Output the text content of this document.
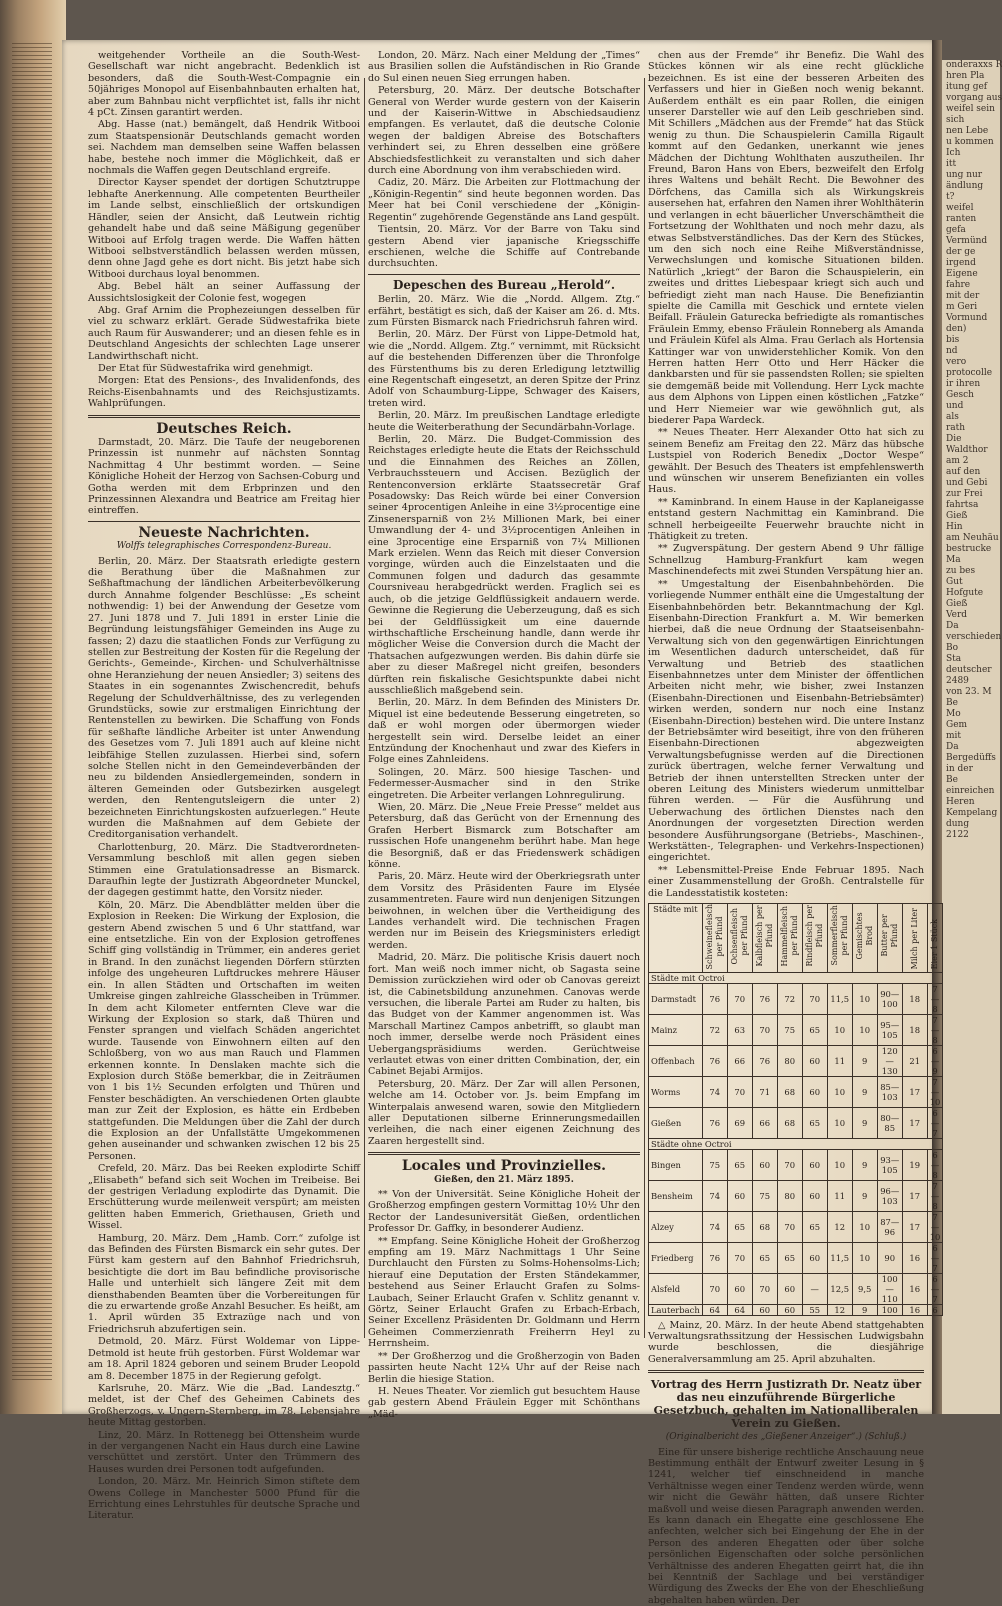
onderaxxs R
hren Pla
itung gef
vorgang aus
weifel sein
sich
nen Lebe
u kommen
Ich
itt
ung nur
ändlung
t?
weifel
ranten
gefa
Vermünd
der ge
irgend
Eigene
fahre
mit der
m Geri
Vormund
den)
bis
nd
vero
protocolle
ir ihren
Gesch
und
als
rath
Die
Waldthor
am 2
auf den
und Gebi
zur Frei
fahrtsa
Gieß
Hin
am Neuhäu
bestrucke
Ma
zu bes
Gut
Hofgute
Gieß
Verd
Da
verschieden
Bo
Sta
deutscher
2489
von 23. M
Be
Mo
Gem
mit
Da
Bergedüffs
in der
Be
einreichen
Heren
Kempelang
dung
2122

weitgehender Vortheile an die South-West-Gesellschaft war nicht angebracht. Bedenklich ist besonders, daß die South-West-Compagnie ein 50jähriges Monopol auf Eisenbahnbauten erhalten hat, aber zum Bahnbau nicht verpflichtet ist, falls ihr nicht 4 pCt. Zinsen garantirt werden.

Abg. Hasse (nat.) bemängelt, daß Hendrik Witbooi zum Staatspensionär Deutschlands gemacht worden sei. Nachdem man demselben seine Waffen belassen habe, bestehe noch immer die Möglichkeit, daß er nochmals die Waffen gegen Deutschland ergreife.

Director Kayser spendet der dortigen Schutztruppe lebhafte Anerkennung. Alle competenten Beurtheiler im Lande selbst, einschließlich der ortskundigen Händler, seien der Ansicht, daß Leutwein richtig gehandelt habe und daß seine Mäßigung gegenüber Witbooi auf Erfolg tragen werde. Die Waffen hätten Witbooi selbstverständlich belassen werden müssen, denn ohne Jagd gehe es dort nicht. Bis jetzt habe sich Witbooi durchaus loyal benommen.

Abg. Bebel hält an seiner Auffassung der Aussichtslosigkeit der Colonie fest, wogegen

Abg. Graf Arnim die Prophezeiungen desselben für viel zu schwarz erklärt. Gerade Südwestafrika biete auch Raum für Auswanderer; und an diesen fehle es in Deutschland Angesichts der schlechten Lage unserer Landwirthschaft nicht.

Der Etat für Südwestafrika wird genehmigt.

Morgen: Etat des Pensions-, des Invalidenfonds, des Reichs-Eisenbahnamts und des Reichsjustizamts. Wahlprüfungen.

Deutsches Reich.

Darmstadt, 20. März. Die Taufe der neugeborenen Prinzessin ist nunmehr auf nächsten Sonntag Nachmittag 4 Uhr bestimmt worden. — Seine Königliche Hoheit der Herzog von Sachsen-Coburg und Gotha werden mit dem Erbprinzen und den Prinzessinnen Alexandra und Beatrice am Freitag hier eintreffen.

Neueste Nachrichten.
Wolffs telegraphisches Correspondenz-Bureau.

Berlin, 20. März. Der Staatsrath erledigte gestern die Berathung über die Maßnahmen zur Seßhaftmachung der ländlichen Arbeiterbevölkerung durch Annahme folgender Beschlüsse: „Es scheint nothwendig: 1) bei der Anwendung der Gesetze vom 27. Juni 1878 und 7. Juli 1891 in erster Linie die Begründung leistungsfähiger Gemeinden ins Auge zu fassen; 2) dazu die staatlichen Fonds zur Verfügung zu stellen zur Bestreitung der Kosten für die Regelung der Gerichts-, Gemeinde-, Kirchen- und Schulverhältnisse ohne Heranziehung der neuen Ansiedler; 3) seitens des Staates in ein sogenanntes Zwischencredit, behufs Regelung der Schuldverhältnisse, des zu verlegenden Grundstücks, sowie zur erstmaligen Einrichtung der Rentenstellen zu bewirken. Die Schaffung von Fonds für seßhafte ländliche Arbeiter ist unter Anwendung des Gesetzes vom 7. Juli 1891 auch auf kleine nicht leibfähige Stellen zuzulassen. Hierbei sind, sofern solche Stellen nicht in den Gemeindeverbänden der neu zu bildenden Ansiedlergemeinden, sondern in älteren Gemeinden oder Gutsbezirken ausgelegt werden, den Rentengutsleigern die unter 2) bezeichneten Einrichtungskosten aufzuerlegen.“ Heute wurden die Maßnahmen auf dem Gebiete der Creditorganisation verhandelt.

Charlottenburg, 20. März. Die Stadtverordneten-Versammlung beschloß mit allen gegen sieben Stimmen eine Gratulationsadresse an Bismarck. Daraufhin legte der Justizrath Abgeordneter Munckel, der dagegen gestimmt hatte, den Vorsitz nieder.

Köln, 20. März. Die Abendblätter melden über die Explosion in Reeken: Die Wirkung der Explosion, die gestern Abend zwischen 5 und 6 Uhr stattfand, war eine entsetzliche. Ein von der Explosion getroffenes Schiff ging vollständig in Trümmer, ein anderes geriet in Brand. In den zunächst liegenden Dörfern stürzten infolge des ungeheuren Luftdruckes mehrere Häuser ein. In allen Städten und Ortschaften im weiten Umkreise gingen zahlreiche Glasscheiben in Trümmer. In dem acht Kilometer entfernten Cleve war die Wirkung der Explosion so stark, daß Thüren und Fenster sprangen und vielfach Schäden angerichtet wurde. Tausende von Einwohnern eilten auf den Schloßberg, von wo aus man Rauch und Flammen erkennen konnte. In Denslaken machte sich die Explosion durch Stöße bemerkbar, die in Zeiträumen von 1 bis 1½ Secunden erfolgten und Thüren und Fenster beschädigten. An verschiedenen Orten glaubte man zur Zeit der Explosion, es hätte ein Erdbeben stattgefunden. Die Meldungen über die Zahl der durch die Explosion an der Unfallstätte Umgekommenen gehen auseinander und schwanken zwischen 12 bis 25 Personen.

Crefeld, 20. März. Das bei Reeken explodirte Schiff „Elisabeth“ befand sich seit Wochen im Treibeise. Bei der gestrigen Verladung explodirte das Dynamit. Die Erschütterung wurde meilenweit verspürt; am meisten gelitten haben Emmerich, Griethausen, Grieth und Wissel.

Hamburg, 20. März. Dem „Hamb. Corr.“ zufolge ist das Befinden des Fürsten Bismarck ein sehr gutes. Der Fürst kam gestern auf den Bahnhof Friedrichsruh, besichtigte die dort im Bau befindliche provisorische Halle und unterhielt sich längere Zeit mit dem diensthabenden Beamten über die Vorbereitungen für die zu erwartende große Anzahl Besucher. Es heißt, am 1. April würden 35 Extrazüge nach und von Friedrichsruh abzufertigen sein.

Detmold, 20. März. Fürst Woldemar von Lippe-Detmold ist heute früh gestorben. Fürst Woldemar war am 18. April 1824 geboren und seinem Bruder Leopold am 8. December 1875 in der Regierung gefolgt.

Karlsruhe, 20. März. Wie die „Bad. Landesztg.“ meldet, ist der Chef des Geheimen Cabinets des Großherzogs, v. Ungern-Sternberg, im 78. Lebensjahre heute Mittag gestorben.

Linz, 20. März. In Rottenegg bei Ottensheim wurde in der vergangenen Nacht ein Haus durch eine Lawine verschüttet und zerstört. Unter den Trümmern des Hauses wurden drei Personen todt aufgefunden.

London, 20. März. Mr. Heinrich Simon stiftete dem Owens College in Manchester 5000 Pfund für die Errichtung eines Lehrstuhles für deutsche Sprache und Literatur.

London, 20. März. Nach einer Meldung der „Times“ aus Brasilien sollen die Aufständischen in Rio Grande do Sul einen neuen Sieg errungen haben.

Petersburg, 20. März. Der deutsche Botschafter General von Werder wurde gestern von der Kaiserin und der Kaiserin-Wittwe in Abschiedsaudienz empfangen. Es verlautet, daß die deutsche Colonie wegen der baldigen Abreise des Botschafters verhindert sei, zu Ehren desselben eine größere Abschiedsfestlichkeit zu veranstalten und sich daher durch eine Abordnung von ihm verabschieden wird.

Cadiz, 20. März. Die Arbeiten zur Flottmachung der „Königin-Regentin“ sind heute begonnen worden. Das Meer hat bei Conil verschiedene der „Königin-Regentin“ zugehörende Gegenstände ans Land gespült.

Tientsin, 20. März. Vor der Barre von Taku sind gestern Abend vier japanische Kriegsschiffe erschienen, welche die Schiffe auf Contrebande durchsuchten.

Depeschen des Bureau „Herold“.

Berlin, 20. März. Wie die „Nordd. Allgem. Ztg.“ erfährt, bestätigt es sich, daß der Kaiser am 26. d. Mts. zum Fürsten Bismarck nach Friedrichsruh fahren wird.

Berlin, 20. März. Der Fürst von Lippe-Detmold hat, wie die „Nordd. Allgem. Ztg.“ vernimmt, mit Rücksicht auf die bestehenden Differenzen über die Thronfolge des Fürstenthums bis zu deren Erledigung letztwillig eine Regentschaft eingesetzt, an deren Spitze der Prinz Adolf von Schaumburg-Lippe, Schwager des Kaisers, treten wird.

Berlin, 20. März. Im preußischen Landtage erledigte heute die Weiterberathung der Secundärbahn-Vorlage.

Berlin, 20. März. Die Budget-Commission des Reichstages erledigte heute die Etats der Reichsschuld und die Einnahmen des Reiches an Zöllen, Verbrauchssteuern und Accisen. Bezüglich der Rentenconversion erklärte Staatssecretär Graf Posadowsky: Das Reich würde bei einer Conversion seiner 4procentigen Anleihe in eine 3½procentige eine Zinsenersparniß von 2½ Millionen Mark, bei einer Umwandlung der 4- und 3½procentigen Anleihen in eine 3procentige eine Ersparniß von 7¼ Millionen Mark erzielen. Wenn das Reich mit dieser Conversion vorginge, würden auch die Einzelstaaten und die Communen folgen und dadurch das gesammte Coursniveau herabgedrückt werden. Fraglich sei es auch, ob die jetzige Geldflüssigkeit andauern werde. Gewinne die Regierung die Ueberzeugung, daß es sich bei der Geldflüssigkeit um eine dauernde wirthschaftliche Erscheinung handle, dann werde ihr möglicher Weise die Conversion durch die Macht der Thatsachen aufgezwungen werden. Bis dahin dürfe sie aber zu dieser Maßregel nicht greifen, besonders dürften rein fiskalische Gesichtspunkte dabei nicht ausschließlich maßgebend sein.

Berlin, 20. März. In dem Befinden des Ministers Dr. Miquel ist eine bedeutende Besserung eingetreten, so daß er wohl morgen oder übermorgen wieder hergestellt sein wird. Derselbe leidet an einer Entzündung der Knochenhaut und zwar des Kiefers in Folge eines Zahnleidens.

Solingen, 20. März. 500 hiesige Taschen- und Federmesser-Ausmacher sind in den Strike eingetreten. Die Arbeiter verlangen Lohnregulirung.

Wien, 20. März. Die „Neue Freie Presse“ meldet aus Petersburg, daß das Gerücht von der Ernennung des Grafen Herbert Bismarck zum Botschafter am russischen Hofe unangenehm berührt habe. Man hege die Besorgniß, daß er das Friedenswerk schädigen könne.

Paris, 20. März. Heute wird der Oberkriegsrath unter dem Vorsitz des Präsidenten Faure im Elysée zusammentreten. Faure wird nun denjenigen Sitzungen beiwohnen, in welchen über die Vertheidigung des Landes verhandelt wird. Die technischen Fragen werden nur im Beisein des Kriegsministers erledigt werden.

Madrid, 20. März. Die politische Krisis dauert noch fort. Man weiß noch immer nicht, ob Sagasta seine Demission zurückziehen wird oder ob Canovas gereizt ist, die Cabinetsbildung anzunehmen. Canovas werde versuchen, die liberale Partei am Ruder zu halten, bis das Budget von der Kammer angenommen ist. Was Marschall Martinez Campos anbetrifft, so glaubt man noch immer, derselbe werde noch Präsident eines Uebergangspräsidiums werden. Gerüchtweise verlautet etwas von einer dritten Combination, der, ein Cabinet Bejabi Armijos.

Petersburg, 20. März. Der Zar will allen Personen, welche am 14. October vor. Js. beim Empfang im Winterpalais anwesend waren, sowie den Mitgliedern aller Deputationen silberne Erinnerungsmedaillen verleihen, die nach einer eigenen Zeichnung des Zaaren hergestellt sind.

Locales und Provinzielles.
Gießen, den 21. März 1895.

** Von der Universität. Seine Königliche Hoheit der Großherzog empfingen gestern Vormittag 10½ Uhr den Rector der Landesuniversität Gießen, ordentlichen Professor Dr. Gaffky, in besonderer Audienz.

** Empfang. Seine Königliche Hoheit der Großherzog empfing am 19. März Nachmittags 1 Uhr Seine Durchlaucht den Fürsten zu Solms-Hohensolms-Lich; hierauf eine Deputation der Ersten Ständekammer, bestehend aus Seiner Erlaucht Grafen zu Solms-Laubach, Seiner Erlaucht Grafen v. Schlitz genannt v. Görtz, Seiner Erlaucht Grafen zu Erbach-Erbach, Seiner Excellenz Präsidenten Dr. Goldmann und Herrn Geheimen Commerzienrath Freiherrn Heyl zu Herrnsheim.

** Der Großherzog und die Großherzogin von Baden passirten heute Nacht 12¼ Uhr auf der Reise nach Berlin die hiesige Station.

H. Neues Theater. Vor ziemlich gut besuchtem Hause gab gestern Abend Fräulein Egger mit Schönthans „Mäd-

chen aus der Fremde“ ihr Benefiz. Die Wahl des Stückes können wir als eine recht glückliche bezeichnen. Es ist eine der besseren Arbeiten des Verfassers und hier in Gießen noch wenig bekannt. Außerdem enthält es ein paar Rollen, die einigen unserer Darsteller wie auf den Leib geschrieben sind. Mit Schillers „Mädchen aus der Fremde“ hat das Stück wenig zu thun. Die Schauspielerin Camilla Rigault kommt auf den Gedanken, unerkannt wie jenes Mädchen der Dichtung Wohlthaten auszutheilen. Ihr Freund, Baron Hans von Ebers, bezweifelt den Erfolg ihres Waltens und behält Recht. Die Bewohner des Dörfchens, das Camilla sich als Wirkungskreis ausersehen hat, erfahren den Namen ihrer Wohlthäterin und verlangen in echt bäuerlicher Unverschämtheit die Fortsetzung der Wohlthaten und noch mehr dazu, als etwas Selbstverständliches. Das der Kern des Stückes, um den sich noch eine Reihe Mißverständnisse, Verwechslungen und komische Situationen bilden. Natürlich „kriegt“ der Baron die Schauspielerin, ein zweites und drittes Liebespaar kriegt sich auch und befriedigt zieht man nach Hause. Die Benefiziantin spielte die Camilla mit Geschick und erntete vielen Beifall. Fräulein Gaturecka befriedigte als romantisches Fräulein Emmy, ebenso Fräulein Ronneberg als Amanda und Fräulein Küfel als Alma. Frau Gerlach als Hortensia Kattinger war von unwiderstehlicher Komik. Von den Herren hatten Herr Otto und Herr Häcker die dankbarsten und für sie passendsten Rollen; sie spielten sie demgemäß beide mit Vollendung. Herr Lyck machte aus dem Alphons von Lippen einen köstlichen „Fatzke“ und Herr Niemeier war wie gewöhnlich gut, als biederer Papa Wardeck.

** Neues Theater. Herr Alexander Otto hat sich zu seinem Benefiz am Freitag den 22. März das hübsche Lustspiel von Roderich Benedix „Doctor Wespe“ gewählt. Der Besuch des Theaters ist empfehlenswerth und wünschen wir unserem Benefizianten ein volles Haus.

** Kaminbrand. In einem Hause in der Kaplaneigasse entstand gestern Nachmittag ein Kaminbrand. Die schnell herbeigeeilte Feuerwehr brauchte nicht in Thätigkeit zu treten.

** Zugverspätung. Der gestern Abend 9 Uhr fällige Schnellzug Hamburg-Frankfurt kam wegen Maschinendefects mit zwei Stunden Verspätung hier an.

** Umgestaltung der Eisenbahnbehörden. Die vorliegende Nummer enthält eine die Umgestaltung der Eisenbahnbehörden betr. Bekanntmachung der Kgl. Eisenbahn-Direction Frankfurt a. M. Wir bemerken hierbei, daß die neue Ordnung der Staatseisenbahn-Verwaltung sich von den gegenwärtigen Einrichtungen im Wesentlichen dadurch unterscheidet, daß für Verwaltung und Betrieb des staatlichen Eisenbahnnetzes unter dem Minister der öffentlichen Arbeiten nicht mehr, wie bisher, zwei Instanzen (Eisenbahn-Directionen und Eisenbahn-Betriebsämter) wirken werden, sondern nur noch eine Instanz (Eisenbahn-Direction) bestehen wird. Die untere Instanz der Betriebsämter wird beseitigt, ihre von den früheren Eisenbahn-Directionen abgezweigten Verwaltungsbefugnisse werden auf die Directionen zurück übertragen, welche ferner Verwaltung und Betrieb der ihnen unterstellten Strecken unter der oberen Leitung des Ministers wiederum unmittelbar führen werden. — Für die Ausführung und Ueberwachung des örtlichen Dienstes nach den Anordnungen der vorgesetzten Direction werden besondere Ausführungsorgane (Betriebs-, Maschinen-, Werkstätten-, Telegraphen- und Verkehrs-Inspectionen) eingerichtet.

** Lebensmittel-Preise Ende Februar 1895. Nach einer Zusammenstellung der Großh. Centralstelle für die Landesstatistik kosteten:

Städte mit	Schweinefleisch per Pfund	Ochsenfleisch per Pfund	Kalbfleisch per Pfund	Hammelfleisch per Pfund	Rindfleisch per Pfund	Sommerfleisch per Pfund	Gemischtes Brod	Butter per Pfund	Milch per Liter	Eier 1 Stück
Städte mit Octroi										
Darmstadt	76	70	76	72	70	11,5	10	90—100	18	7—8
Mainz	72	63	70	75	65	10	10	95—105	18	7—8
Offenbach	76	66	76	80	60	11	9	120—130	21	6—9
Worms	74	70	71	68	60	10	9	85—103	17	7—10
Gießen	76	69	66	68	65	10	9	80—85	17	6—7
Städte ohne Octroi										
Bingen	75	65	60	70	60	10	9	93—105	19	6—8
Bensheim	74	60	75	80	60	11	9	96—103	17	7—8
Alzey	74	65	68	70	65	12	10	87—96	17	7—10
Friedberg	76	70	65	65	60	11,5	10	90	16	6—7
Alsfeld	70	60	70	60	—	12,5	9,5	100—110	16	6—7
Lauterbach	64	64	60	60	55	12	9	100	16	6

△ Mainz, 20. März. In der heute Abend stattgehabten Verwaltungsrathssitzung der Hessischen Ludwigsbahn wurde beschlossen, die diesjährige Generalversammlung am 25. April abzuhalten.

Vortrag des Herrn Justizrath Dr. Neatz über das neu einzuführende Bürgerliche Gesetzbuch, gehalten im Nationalliberalen Verein zu Gießen.
(Originalbericht des „Gießener Anzeiger“.) (Schluß.)

Eine für unsere bisherige rechtliche Anschauung neue Bestimmung enthält der Entwurf zweiter Lesung in § 1241, welcher tief einschneidend in manche Verhältnisse wegen einer Tendenz werden würde, wenn wir nicht die Gewähr hätten, daß unsere Richter maßvoll und weise diesen Paragraph anwenden werden. Es kann danach ein Ehegatte eine geschlossene Ehe anfechten, welcher sich bei Eingehung der Ehe in der Person des anderen Ehegatten oder über solche persönlichen Eigenschaften oder solche persönlichen Verhältnisse des anderen Ehegatten geirrt hat, die ihn bei Kenntniß der Sachlage und bei verständiger Würdigung des Zwecks der Ehe von der Eheschließung abgehalten haben würden. Der
